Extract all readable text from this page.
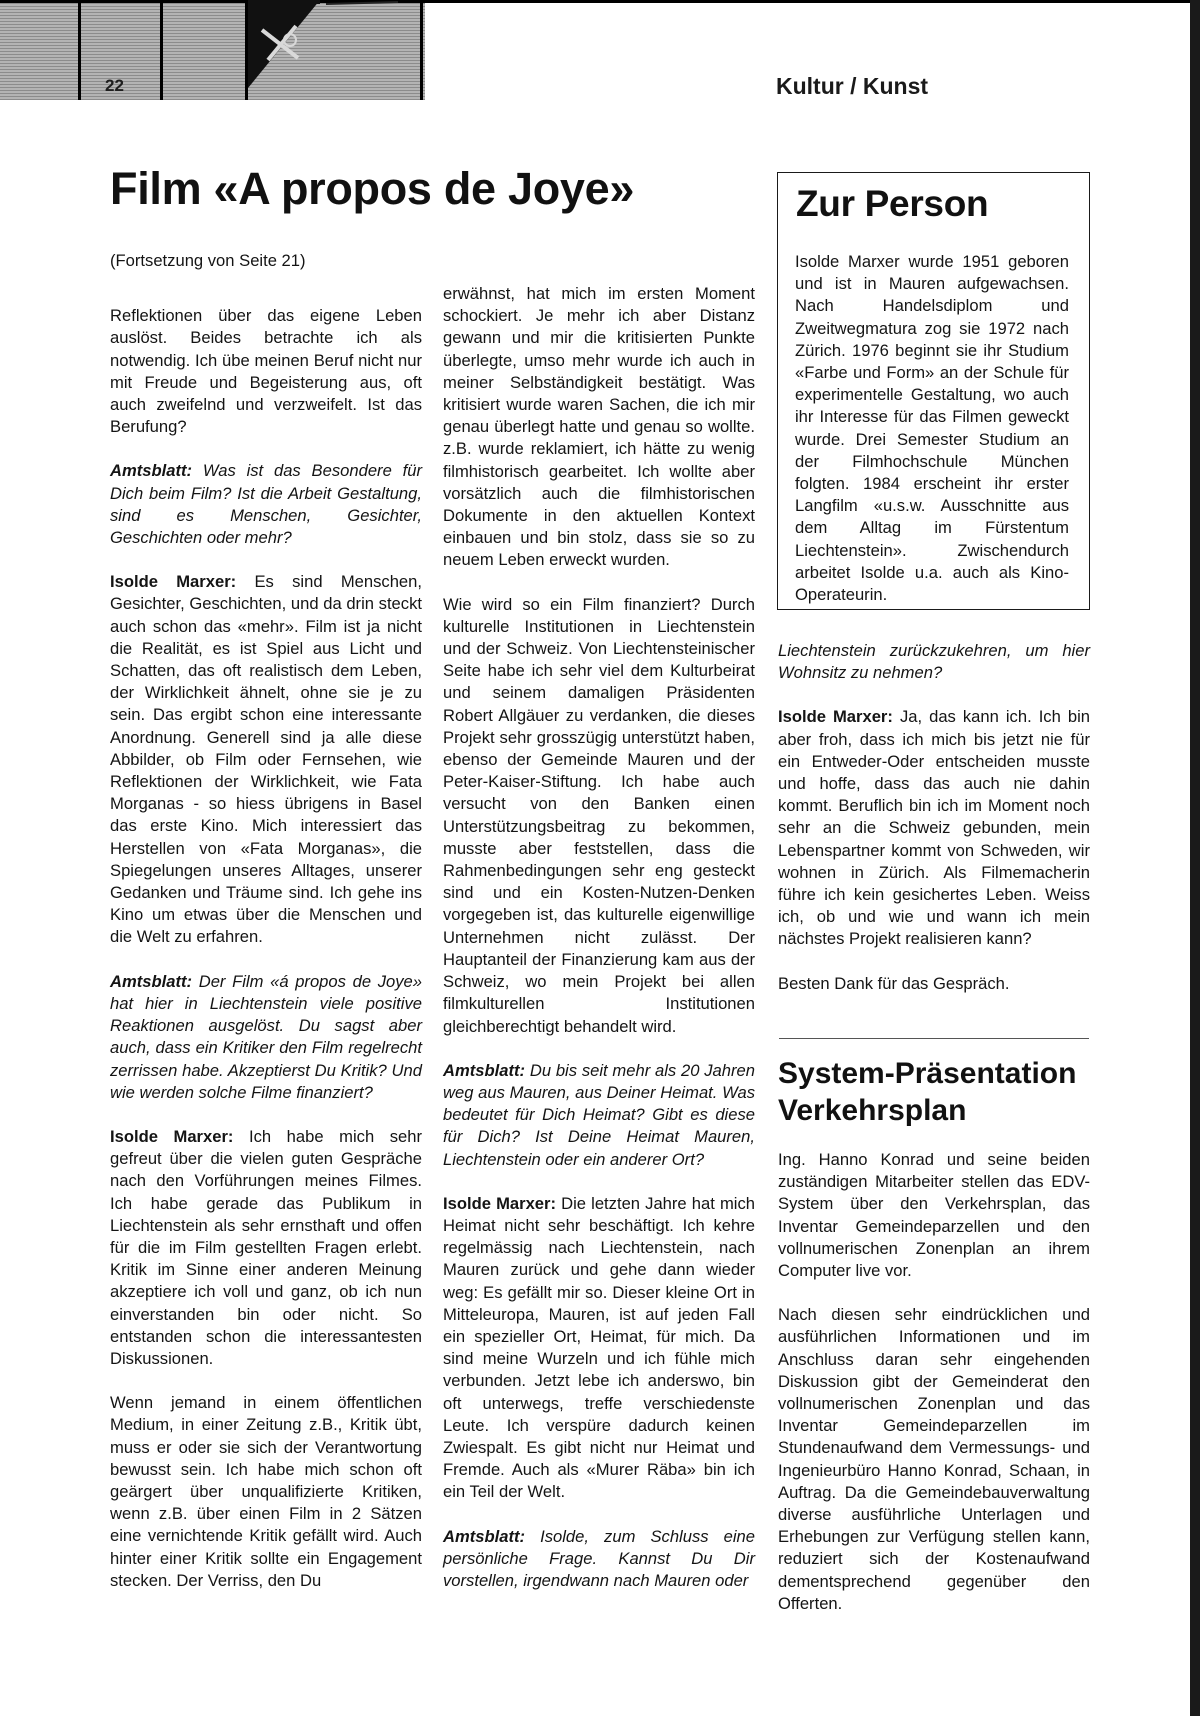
22	Kultur / Kunst
Film «A propos de Joye»

(Fortsetzung von Seite 21)

Reflektionen über das eigene Leben auslöst. Beides betrachte ich als notwendig. Ich übe meinen Beruf nicht nur mit Freude und Begeisterung aus, oft auch zweifelnd und verzweifelt. Ist das Berufung?

Amtsblatt: Was ist das Besondere für Dich beim Film? Ist die Arbeit Gestaltung, sind es Menschen, Gesichter, Geschichten oder mehr?

Isolde Marxer: Es sind Menschen, Gesichter, Geschichten, und da drin steckt auch schon das «mehr». Film ist ja nicht die Realität, es ist Spiel aus Licht und Schatten, das oft realistisch dem Leben, der Wirklichkeit ähnelt, ohne sie je zu sein. Das ergibt schon eine interessante Anordnung. Generell sind ja alle diese Abbilder, ob Film oder Fernsehen, wie Reflektionen der Wirklichkeit, wie Fata Morganas - so hiess übrigens in Basel das erste Kino. Mich interessiert das Herstellen von «Fata Morganas», die Spiegelungen unseres Alltages, unserer Gedanken und Träume sind. Ich gehe ins Kino um etwas über die Menschen und die Welt zu erfahren.

Amtsblatt: Der Film «á propos de Joye» hat hier in Liechtenstein viele positive Reaktionen ausgelöst. Du sagst aber auch, dass ein Kritiker den Film regelrecht zerrissen habe. Akzeptierst Du Kritik? Und wie werden solche Filme finanziert?

Isolde Marxer: Ich habe mich sehr gefreut über die vielen guten Gespräche nach den Vorführungen meines Filmes. Ich habe gerade das Publikum in Liechtenstein als sehr ernsthaft und offen für die im Film gestellten Fragen erlebt. Kritik im Sinne einer anderen Meinung akzeptiere ich voll und ganz, ob ich nun einverstanden bin oder nicht. So entstanden schon die interessantesten Diskussionen.

Wenn jemand in einem öffentlichen Medium, in einer Zeitung z.B., Kritik übt, muss er oder sie sich der Verantwortung bewusst sein. Ich habe mich schon oft geärgert über unqualifizierte Kritiken, wenn z.B. über einen Film in 2 Sätzen eine vernichtende Kritik gefällt wird. Auch hinter einer Kritik sollte ein Engagement stecken. Der Verriss, den Du

erwähnst, hat mich im ersten Moment schockiert. Je mehr ich aber Distanz gewann und mir die kritisierten Punkte überlegte, umso mehr wurde ich auch in meiner Selbständigkeit bestätigt. Was kritisiert wurde waren Sachen, die ich mir genau überlegt hatte und genau so wollte. z.B. wurde reklamiert, ich hätte zu wenig filmhistorisch gearbeitet. Ich wollte aber vorsätzlich auch die filmhistorischen Dokumente in den aktuellen Kontext einbauen und bin stolz, dass sie so zu neuem Leben erweckt wurden.

Wie wird so ein Film finanziert? Durch kulturelle Institutionen in Liechtenstein und der Schweiz. Von Liechtensteinischer Seite habe ich sehr viel dem Kulturbeirat und seinem damaligen Präsidenten Robert Allgäuer zu verdanken, die dieses Projekt sehr grosszügig unterstützt haben, ebenso der Gemeinde Mauren und der Peter-Kaiser-Stiftung. Ich habe auch versucht von den Banken einen Unterstützungsbeitrag zu bekommen, musste aber feststellen, dass die Rahmenbedingungen sehr eng gesteckt sind und ein Kosten-Nutzen-Denken vorgegeben ist, das kulturelle eigenwillige Unternehmen nicht zulässt. Der Hauptanteil der Finanzierung kam aus der Schweiz, wo mein Projekt bei allen filmkulturellen Institutionen gleichberechtigt behandelt wird.

Amtsblatt: Du bis seit mehr als 20 Jahren weg aus Mauren, aus Deiner Heimat. Was bedeutet für Dich Heimat? Gibt es diese für Dich? Ist Deine Heimat Mauren, Liechtenstein oder ein anderer Ort?

Isolde Marxer: Die letzten Jahre hat mich Heimat nicht sehr beschäftigt. Ich kehre regelmässig nach Liechtenstein, nach Mauren zurück und gehe dann wieder weg: Es gefällt mir so. Dieser kleine Ort in Mitteleuropa, Mauren, ist auf jeden Fall ein spezieller Ort, Heimat, für mich. Da sind meine Wurzeln und ich fühle mich verbunden. Jetzt lebe ich anderswo, bin oft unterwegs, treffe verschiedenste Leute. Ich verspüre dadurch keinen Zwiespalt. Es gibt nicht nur Heimat und Fremde. Auch als «Murer Räba» bin ich ein Teil der Welt.

Amtsblatt: Isolde, zum Schluss eine persönliche Frage. Kannst Du Dir vorstellen, irgendwann nach Mauren oder

Zur Person

Isolde Marxer wurde 1951 geboren und ist in Mauren aufgewachsen. Nach Handelsdiplom und Zweitwegmatura zog sie 1972 nach Zürich. 1976 beginnt sie ihr Studium «Farbe und Form» an der Schule für experimentelle Gestaltung, wo auch ihr Interesse für das Filmen geweckt wurde. Drei Semester Studium an der Filmhochschule München folgten. 1984 erscheint ihr erster Langfilm «u.s.w. Ausschnitte aus dem Alltag im Fürstentum Liechtenstein». Zwischendurch arbeitet Isolde u.a. auch als Kino-Operateurin.

Liechtenstein zurückzukehren, um hier Wohnsitz zu nehmen?

Isolde Marxer: Ja, das kann ich. Ich bin aber froh, dass ich mich bis jetzt nie für ein Entweder-Oder entscheiden musste und hoffe, dass das auch nie dahin kommt. Beruflich bin ich im Moment noch sehr an die Schweiz gebunden, mein Lebenspartner kommt von Schweden, wir wohnen in Zürich. Als Filmemacherin führe ich kein gesichertes Leben. Weiss ich, ob und wie und wann ich mein nächstes Projekt realisieren kann?

Besten Dank für das Gespräch.

System-Präsentation Verkehrsplan

Ing. Hanno Konrad und seine beiden zuständigen Mitarbeiter stellen das EDV-System über den Verkehrsplan, das Inventar Gemeindeparzellen und den vollnumerischen Zonenplan an ihrem Computer live vor.

Nach diesen sehr eindrücklichen und ausführlichen Informationen und im Anschluss daran sehr eingehenden Diskussion gibt der Gemeinderat den vollnumerischen Zonenplan und das Inventar Gemeindeparzellen im Stundenaufwand dem Vermessungs- und Ingenieurbüro Hanno Konrad, Schaan, in Auftrag. Da die Gemeindebauverwaltung diverse ausführliche Unterlagen und Erhebungen zur Verfügung stellen kann, reduziert sich der Kostenaufwand dementsprechend gegenüber den Offerten.
